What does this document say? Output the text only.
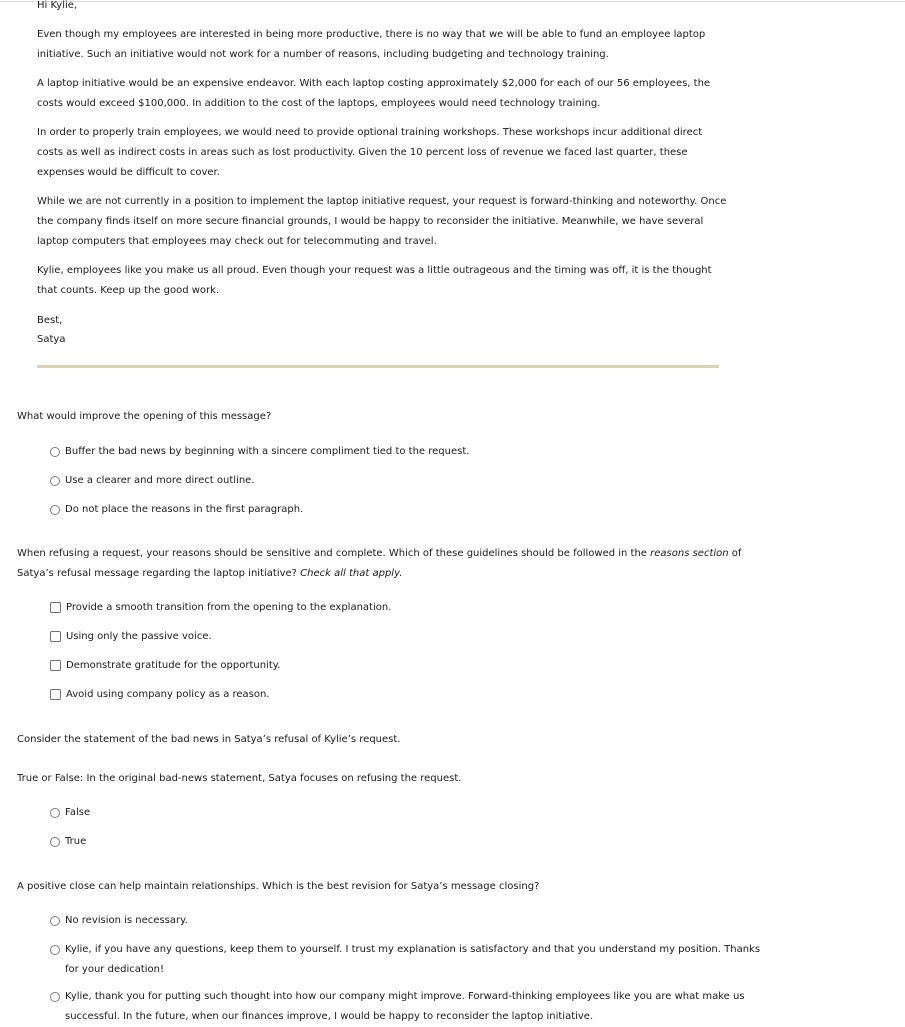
Hi Kylie,

Even though my employees are interested in being more productive, there is no way that we will be able to fund an employee laptop initiative. Such an initiative would not work for a number of reasons, including budgeting and technology training.

A laptop initiative would be an expensive endeavor. With each laptop costing approximately $2,000 for each of our 56 employees, the costs would exceed $100,000. In addition to the cost of the laptops, employees would need technology training.

In order to properly train employees, we would need to provide optional training workshops. These workshops incur additional direct costs as well as indirect costs in areas such as lost productivity. Given the 10 percent loss of revenue we faced last quarter, these expenses would be difficult to cover.

While we are not currently in a position to implement the laptop initiative request, your request is forward-thinking and noteworthy. Once the company finds itself on more secure financial grounds, I would be happy to reconsider the initiative. Meanwhile, we have several laptop computers that employees may check out for telecommuting and travel.

Kylie, employees like you make us all proud. Even though your request was a little outrageous and the timing was off, it is the thought that counts. Keep up the good work.

Best,

Satya

What would improve the opening of this message?

Buffer the bad news by beginning with a sincere compliment tied to the request.
Use a clearer and more direct outline.
Do not place the reasons in the first paragraph.

When refusing a request, your reasons should be sensitive and complete. Which of these guidelines should be followed in the reasons section of Satya’s refusal message regarding the laptop initiative? Check all that apply.

Provide a smooth transition from the opening to the explanation.
Using only the passive voice.
Demonstrate gratitude for the opportunity.
Avoid using company policy as a reason.

Consider the statement of the bad news in Satya’s refusal of Kylie’s request.

True or False: In the original bad-news statement, Satya focuses on refusing the request.

False
True

A positive close can help maintain relationships. Which is the best revision for Satya’s message closing?

No revision is necessary.
Kylie, if you have any questions, keep them to yourself. I trust my explanation is satisfactory and that you understand my position. Thanks for your dedication!
Kylie, thank you for putting such thought into how our company might improve. Forward-thinking employees like you are what make us successful. In the future, when our finances improve, I would be happy to reconsider the laptop initiative.
